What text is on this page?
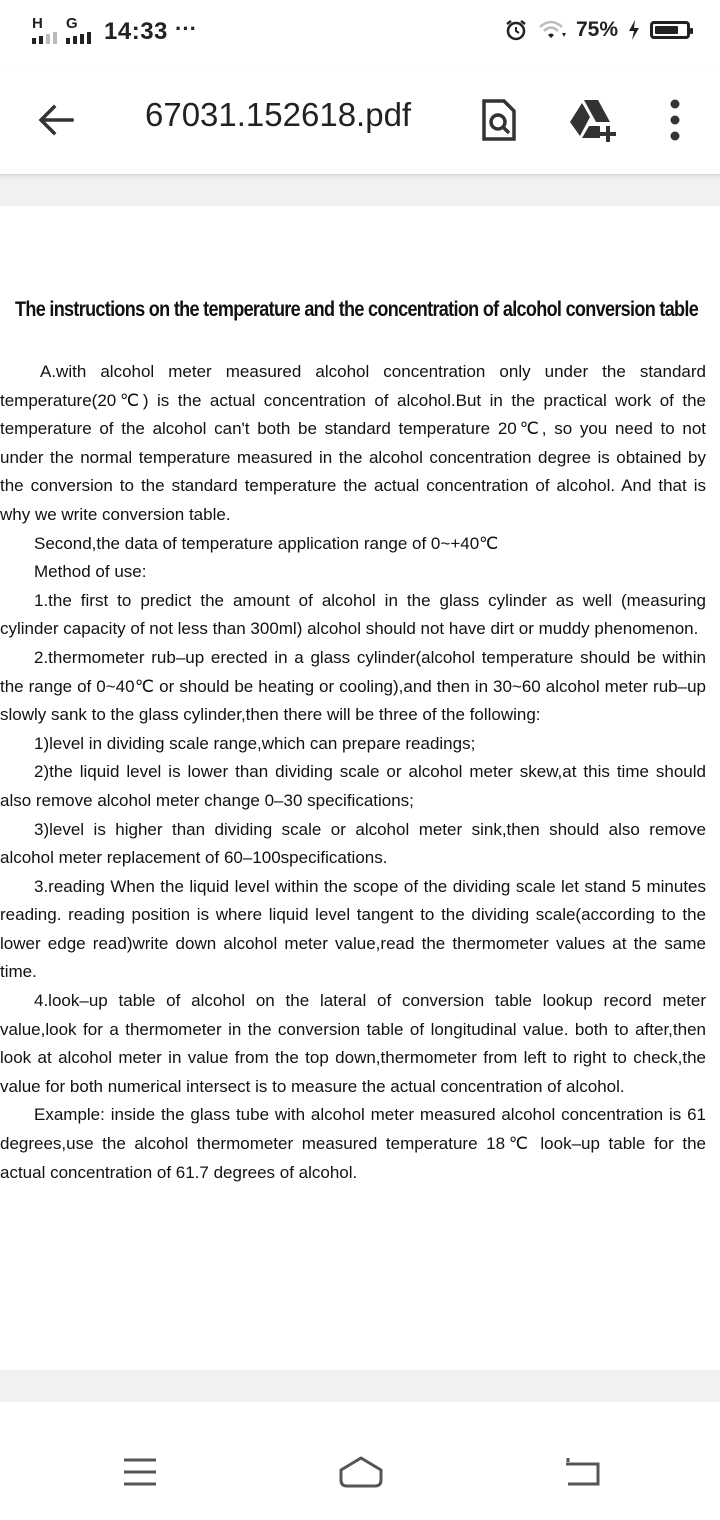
H	G	14:33 ···	75%
67031.152618.pdf
The instructions on the temperature and the concentration of alcohol conversion table

A.with alcohol meter measured alcohol concentration only under the standard temperature(20℃) is the actual concentration of alcohol.But in the practical work of the temperature of the alcohol can't both be standard temperature 20℃, so you need to not under the normal temperature measured in the alcohol concentration degree is obtained by the conversion to the standard temperature the actual concentration of alcohol. And that is why we write conversion table.

Second,the data of temperature application range of 0~+40℃

Method of use:

1.the first to predict the amount of alcohol in the glass cylinder as well (measuring cylinder capacity of not less than 300ml) alcohol should not have dirt or muddy phenomenon.

2.thermometer rub–up erected in a glass cylinder(alcohol temperature should be within the range of 0~40℃ or should be heating or cooling),and then in 30~60 alcohol meter rub–up slowly sank to the glass cylinder,then there will be three of the following:

1)level in dividing scale range,which can prepare readings;

2)the liquid level is lower than dividing scale or alcohol meter skew,at this time should also remove alcohol meter change 0–30 specifications;

3)level is higher than dividing scale or alcohol meter sink,then should also remove alcohol meter replacement of 60–100specifications.

3.reading When the liquid level within the scope of the dividing scale let stand 5 minutes reading. reading position is where liquid level tangent to the dividing scale(according to the lower edge read)write down alcohol meter value,read the thermometer values at the same time.

4.look–up table of alcohol on the lateral of conversion table lookup record meter value,look for a thermometer in the conversion table of longitudinal value. both to after,then look at alcohol meter in value from the top down,thermometer from left to right to check,the value for both numerical intersect is to measure the actual concentration of alcohol.

Example: inside the glass tube with alcohol meter measured alcohol concentration is 61 degrees,use the alcohol thermometer measured temperature 18℃ look–up table for the actual concentration of 61.7 degrees of alcohol.
